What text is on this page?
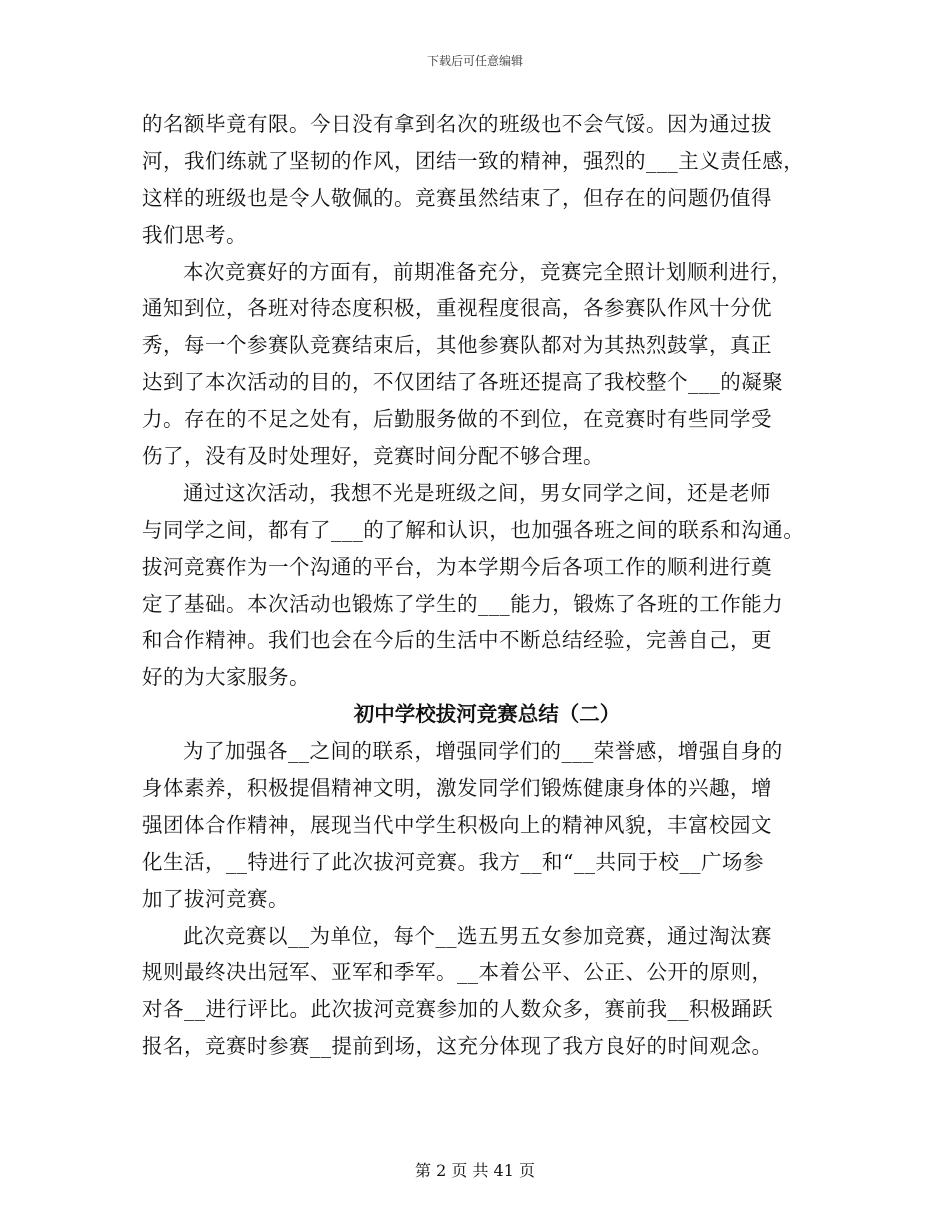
下载后可任意编辑
的名额毕竟有限。今日没有拿到名次的班级也不会气馁。因为通过拔
河，我们练就了坚韧的作风，团结一致的精神，强烈的___主义责任感，
这样的班级也是令人敬佩的。竞赛虽然结束了，但存在的问题仍值得
我们思考。
本次竞赛好的方面有，前期准备充分，竞赛完全照计划顺利进行，
通知到位，各班对待态度积极，重视程度很高，各参赛队作风十分优
秀，每一个参赛队竞赛结束后，其他参赛队都对为其热烈鼓掌，真正
达到了本次活动的目的，不仅团结了各班还提高了我校整个___的凝聚
力。存在的不足之处有，后勤服务做的不到位，在竞赛时有些同学受
伤了，没有及时处理好，竞赛时间分配不够合理。
通过这次活动，我想不光是班级之间，男女同学之间，还是老师
与同学之间，都有了___的了解和认识，也加强各班之间的联系和沟通。
拔河竞赛作为一个沟通的平台，为本学期今后各项工作的顺利进行奠
定了基础。本次活动也锻炼了学生的___能力，锻炼了各班的工作能力
和合作精神。我们也会在今后的生活中不断总结经验，完善自己，更
好的为大家服务。
初中学校拔河竞赛总结（二）
为了加强各__之间的联系，增强同学们的___荣誉感，增强自身的
身体素养，积极提倡精神文明，激发同学们锻炼健康身体的兴趣，增
强团体合作精神，展现当代中学生积极向上的精神风貌，丰富校园文
化生活，__特进行了此次拔河竞赛。我方__和“__共同于校__广场参
加了拔河竞赛。
此次竞赛以__为单位，每个__选五男五女参加竞赛，通过淘汰赛
规则最终决出冠军、亚军和季军。__本着公平、公正、公开的原则，
对各__进行评比。此次拔河竞赛参加的人数众多，赛前我__积极踊跃
报名，竞赛时参赛__提前到场，这充分体现了我方良好的时间观念。
第 2 页 共 41 页
